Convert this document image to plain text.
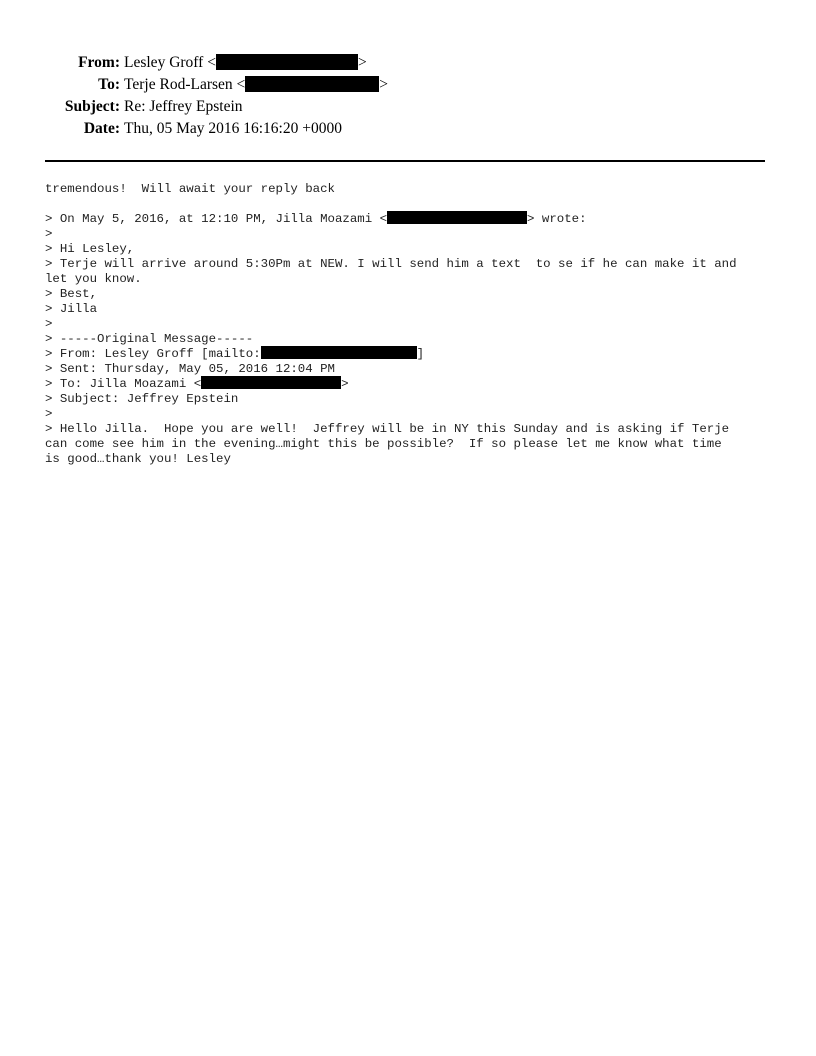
From: Lesley Groff <	>
To: Terje Rod-Larsen <	>
Subject: Re: Jeffrey Epstein
Date: Thu, 05 May 2016 16:16:20 +0000
tremendous!  Will await your reply back
> On May 5, 2016, at 12:10 PM, Jilla Moazami <	> wrote:
>
> Hi Lesley,
> Terje will arrive around 5:30Pm at NEW. I will send him a text  to se if he can make it and
let you know.
> Best,
> Jilla
>
> -----Original Message-----
> From: Lesley Groff [mailto:	]
> Sent: Thursday, May 05, 2016 12:04 PM
> To: Jilla Moazami <	>
> Subject: Jeffrey Epstein
>
> Hello Jilla.  Hope you are well!  Jeffrey will be in NY this Sunday and is asking if Terje
can come see him in the evening…might this be possible?  If so please let me know what time
is good…thank you! Lesley
